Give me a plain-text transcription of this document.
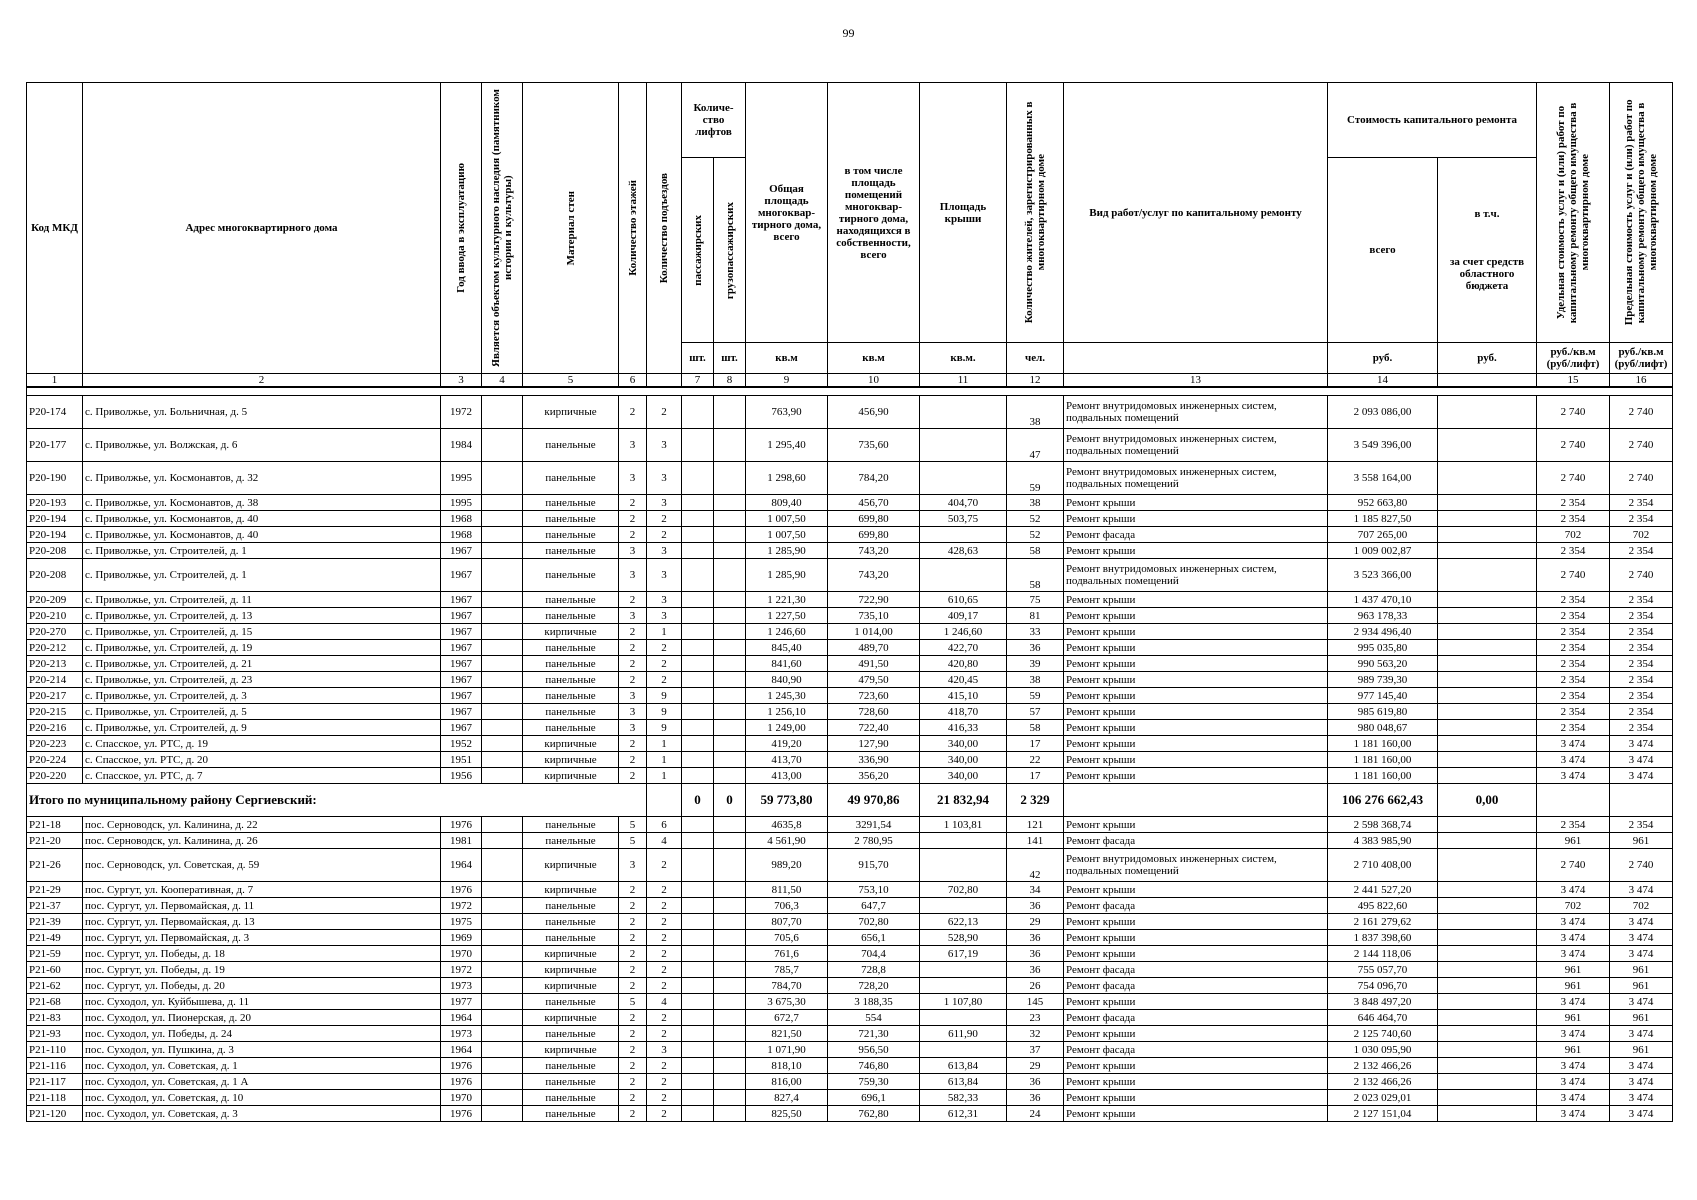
99
Код МКД	Адрес многоквартирного дома	Год ввода в эксплуатацию	Является объектом культурного наследия (памятником истории и культуры)	Материал стен	Количество этажей	Количество подъездов	Количе-ство лифтов		Общая площадь многоквар-тирного дома, всего	в том числе площадь помещений многоквар-тирного дома, находящихся в собственности, всего	Площадь крыши	Количество жителей, зарегистрированных в многоквартирном доме	Вид работ/услуг по капитальному ремонту	Стоимость капитального ремонта		Удельная стоимость услуг и (или) работ по капитальному ремонту общего имущества в многоквартирном доме	Предельная стоимость услуг и (или) работ по капитальному ремонту общего имущества в многоквартирном доме

							пассажирских	грузопассажирских						всего	в т.ч.

за счет средств областного бюджета		

							шт.	шт.	кв.м	кв.м	кв.м.	чел.		руб.	руб.	руб./кв.м (руб/лифт)	руб./кв.м (руб/лифт)
1	2	3	4	5	6		7	8	9	10	11	12	13	14		15	16

Р20-174	с. Приволжье, ул. Больничная, д. 5	1972		кирпичные	2	2			763,90	456,90		38	Ремонт внутридомовых инженерных систем, подвальных помещений	2 093 086,00		2 740	2 740
Р20-177	с. Приволжье, ул. Волжская, д. 6	1984		панельные	3	3			1 295,40	735,60		47	Ремонт внутридомовых инженерных систем, подвальных помещений	3 549 396,00		2 740	2 740
Р20-190	с. Приволжье, ул. Космонавтов, д. 32	1995		панельные	3	3			1 298,60	784,20		59	Ремонт внутридомовых инженерных систем, подвальных помещений	3 558 164,00		2 740	2 740
Р20-193	с. Приволжье, ул. Космонавтов, д. 38	1995		панельные	2	3			809,40	456,70	404,70	38	Ремонт крыши	952 663,80		2 354	2 354
Р20-194	с. Приволжье, ул. Космонавтов, д. 40	1968		панельные	2	2			1 007,50	699,80	503,75	52	Ремонт крыши	1 185 827,50		2 354	2 354
Р20-194	с. Приволжье, ул. Космонавтов, д. 40	1968		панельные	2	2			1 007,50	699,80		52	Ремонт фасада	707 265,00		702	702
Р20-208	с. Приволжье, ул. Строителей, д. 1	1967		панельные	3	3			1 285,90	743,20	428,63	58	Ремонт крыши	1 009 002,87		2 354	2 354
Р20-208	с. Приволжье, ул. Строителей, д. 1	1967		панельные	3	3			1 285,90	743,20		58	Ремонт внутридомовых инженерных систем, подвальных помещений	3 523 366,00		2 740	2 740
Р20-209	с. Приволжье, ул. Строителей, д. 11	1967		панельные	2	3			1 221,30	722,90	610,65	75	Ремонт крыши	1 437 470,10		2 354	2 354
Р20-210	с. Приволжье, ул. Строителей, д. 13	1967		панельные	3	3			1 227,50	735,10	409,17	81	Ремонт крыши	963 178,33		2 354	2 354
Р20-270	с. Приволжье, ул. Строителей, д. 15	1967		кирпичные	2	1			1 246,60	1 014,00	1 246,60	33	Ремонт крыши	2 934 496,40		2 354	2 354
Р20-212	с. Приволжье, ул. Строителей, д. 19	1967		панельные	2	2			845,40	489,70	422,70	36	Ремонт крыши	995 035,80		2 354	2 354
Р20-213	с. Приволжье, ул. Строителей, д. 21	1967		панельные	2	2			841,60	491,50	420,80	39	Ремонт крыши	990 563,20		2 354	2 354
Р20-214	с. Приволжье, ул. Строителей, д. 23	1967		панельные	2	2			840,90	479,50	420,45	38	Ремонт крыши	989 739,30		2 354	2 354
Р20-217	с. Приволжье, ул. Строителей, д. 3	1967		панельные	3	9			1 245,30	723,60	415,10	59	Ремонт крыши	977 145,40		2 354	2 354
Р20-215	с. Приволжье, ул. Строителей, д. 5	1967		панельные	3	9			1 256,10	728,60	418,70	57	Ремонт крыши	985 619,80		2 354	2 354
Р20-216	с. Приволжье, ул. Строителей, д. 9	1967		панельные	3	9			1 249,00	722,40	416,33	58	Ремонт крыши	980 048,67		2 354	2 354
Р20-223	с. Спасское, ул. РТС, д. 19	1952		кирпичные	2	1			419,20	127,90	340,00	17	Ремонт крыши	1 181 160,00		3 474	3 474
Р20-224	с. Спасское, ул. РТС, д. 20	1951		кирпичные	2	1			413,70	336,90	340,00	22	Ремонт крыши	1 181 160,00		3 474	3 474
Р20-220	с. Спасское, ул. РТС, д. 7	1956		кирпичные	2	1			413,00	356,20	340,00	17	Ремонт крыши	1 181 160,00		3 474	3 474
Итого по муниципальному району Сергиевский:							0	0	59 773,80	49 970,86	21 832,94	2 329		106 276 662,43	0,00		
Р21-18	пос. Серноводск, ул. Калинина, д. 22	1976		панельные	5	6			4635,8	3291,54	1 103,81	121	Ремонт крыши	2 598 368,74		2 354	2 354
Р21-20	пос. Серноводск, ул. Калинина, д. 26	1981		панельные	5	4			4 561,90	2 780,95		141	Ремонт фасада	4 383 985,90		961	961
Р21-26	пос. Серноводск, ул. Советская, д. 59	1964		кирпичные	3	2			989,20	915,70		42	Ремонт внутридомовых инженерных систем, подвальных помещений	2 710 408,00		2 740	2 740
Р21-29	пос. Сургут, ул. Кооперативная, д. 7	1976		кирпичные	2	2			811,50	753,10	702,80	34	Ремонт крыши	2 441 527,20		3 474	3 474
Р21-37	пос. Сургут, ул. Первомайская, д. 11	1972		панельные	2	2			706,3	647,7		36	Ремонт фасада	495 822,60		702	702
Р21-39	пос. Сургут, ул. Первомайская, д. 13	1975		панельные	2	2			807,70	702,80	622,13	29	Ремонт крыши	2 161 279,62		3 474	3 474
Р21-49	пос. Сургут, ул. Первомайская, д. 3	1969		панельные	2	2			705,6	656,1	528,90	36	Ремонт крыши	1 837 398,60		3 474	3 474
Р21-59	пос. Сургут, ул. Победы, д. 18	1970		кирпичные	2	2			761,6	704,4	617,19	36	Ремонт крыши	2 144 118,06		3 474	3 474
Р21-60	пос. Сургут, ул. Победы, д. 19	1972		кирпичные	2	2			785,7	728,8		36	Ремонт фасада	755 057,70		961	961
Р21-62	пос. Сургут, ул. Победы, д. 20	1973		кирпичные	2	2			784,70	728,20		26	Ремонт фасада	754 096,70		961	961
Р21-68	пос. Суходол, ул. Куйбышева, д. 11	1977		панельные	5	4			3 675,30	3 188,35	1 107,80	145	Ремонт крыши	3 848 497,20		3 474	3 474
Р21-83	пос. Суходол, ул. Пионерская, д. 20	1964		кирпичные	2	2			672,7	554		23	Ремонт фасада	646 464,70		961	961
Р21-93	пос. Суходол, ул. Победы, д. 24	1973		панельные	2	2			821,50	721,30	611,90	32	Ремонт крыши	2 125 740,60		3 474	3 474
Р21-110	пос. Суходол, ул. Пушкина, д. 3	1964		кирпичные	2	3			1 071,90	956,50		37	Ремонт фасада	1 030 095,90		961	961
Р21-116	пос. Суходол, ул. Советская, д. 1	1976		панельные	2	2			818,10	746,80	613,84	29	Ремонт крыши	2 132 466,26		3 474	3 474
Р21-117	пос. Суходол, ул. Советская, д. 1 А	1976		панельные	2	2			816,00	759,30	613,84	36	Ремонт крыши	2 132 466,26		3 474	3 474
Р21-118	пос. Суходол, ул. Советская, д. 10	1970		панельные	2	2			827,4	696,1	582,33	36	Ремонт крыши	2 023 029,01		3 474	3 474
Р21-120	пос. Суходол, ул. Советская, д. 3	1976		панельные	2	2			825,50	762,80	612,31	24	Ремонт крыши	2 127 151,04		3 474	3 474
